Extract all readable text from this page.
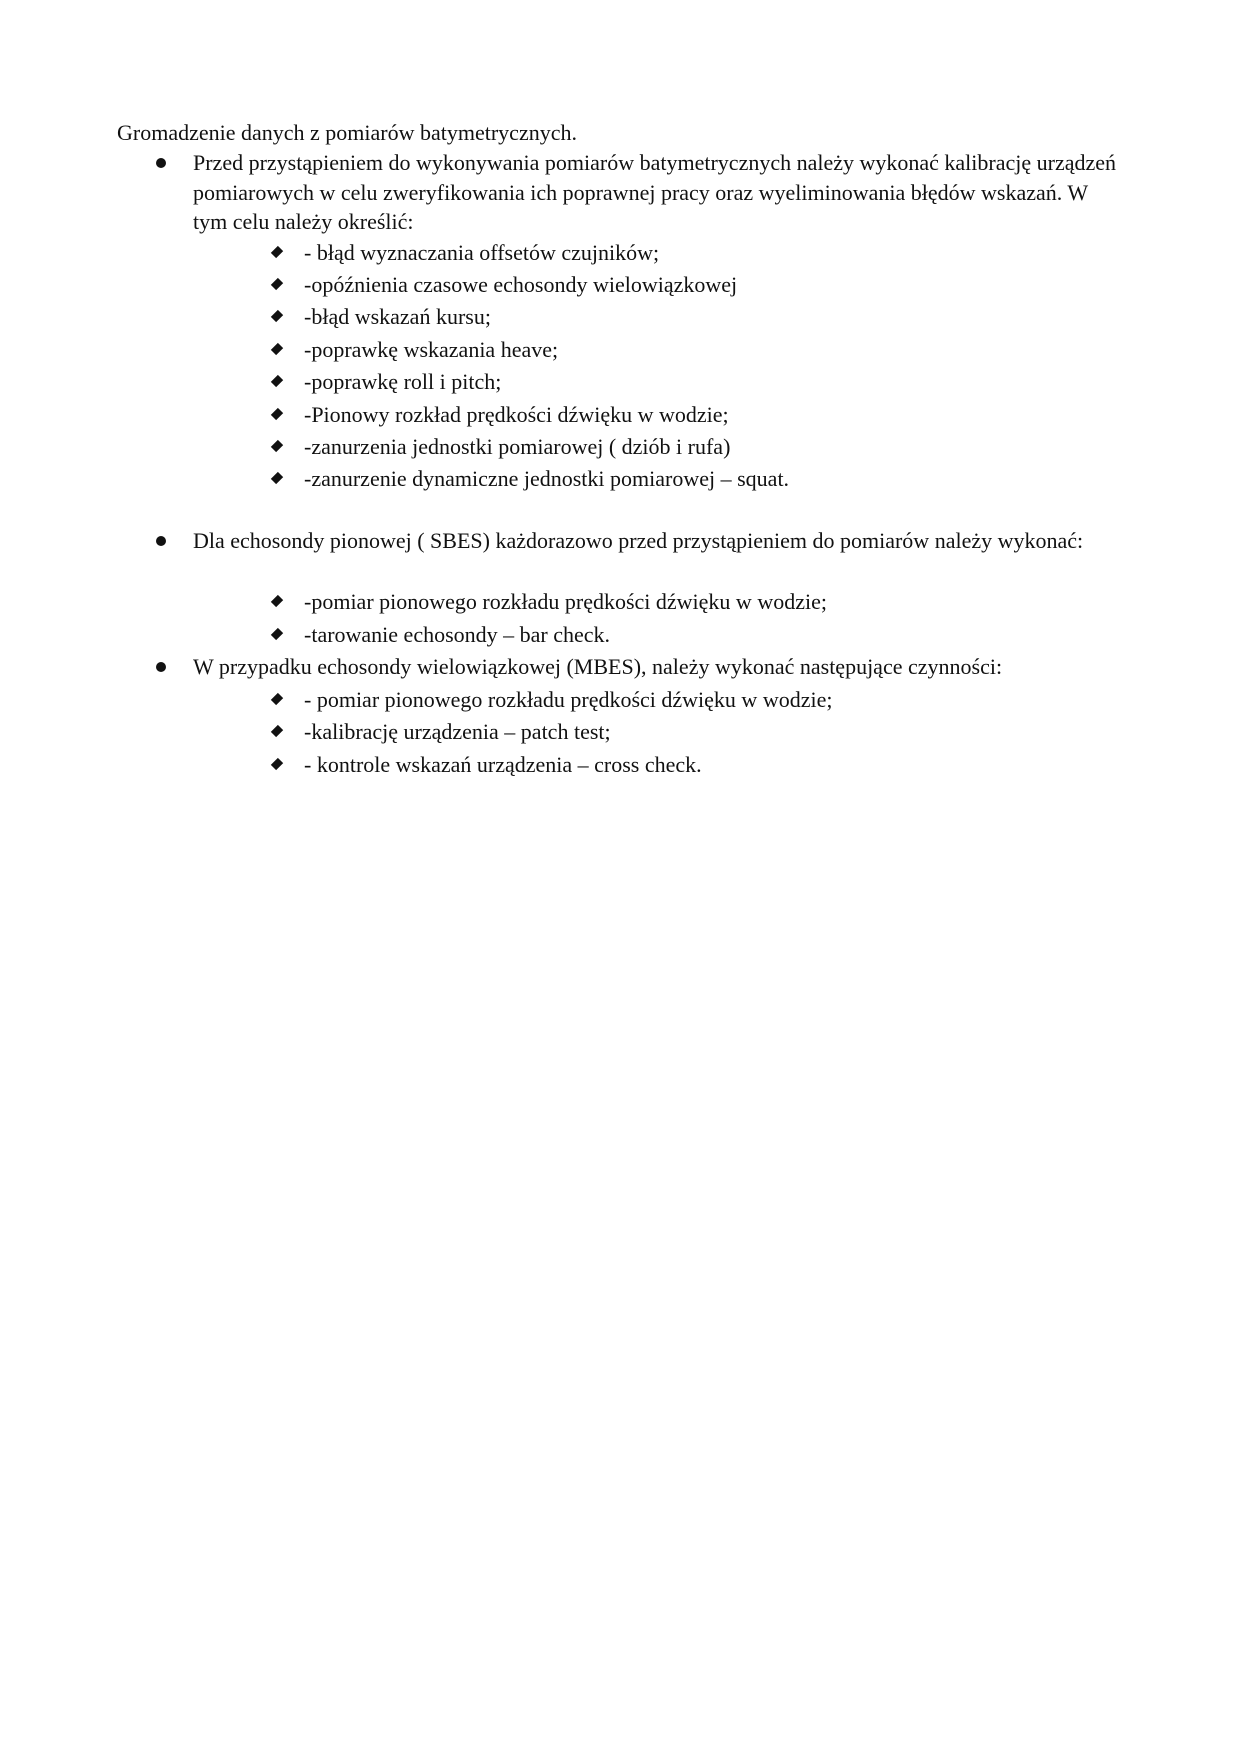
Gromadzenie danych z pomiarów batymetrycznych.
Przed przystąpieniem do wykonywania pomiarów batymetrycznych należy wykonać kalibrację urządzeń pomiarowych w celu zweryfikowania ich poprawnej pracy oraz wyeliminowania błędów wskazań. W tym celu należy określić:
- błąd wyznaczania offsetów czujników;
-opóźnienia czasowe echosondy wielowiązkowej
-błąd wskazań kursu;
-poprawkę wskazania heave;
-poprawkę roll i pitch;
-Pionowy rozkład prędkości dźwięku w wodzie;
-zanurzenia jednostki pomiarowej ( dziób i rufa)
-zanurzenie dynamiczne jednostki pomiarowej – squat.
Dla echosondy pionowej ( SBES) każdorazowo przed przystąpieniem do pomiarów należy wykonać:
-pomiar pionowego rozkładu prędkości dźwięku w wodzie;
-tarowanie echosondy – bar check.
W przypadku echosondy wielowiązkowej (MBES), należy wykonać następujące czynności:
- pomiar pionowego rozkładu prędkości dźwięku w wodzie;
-kalibrację urządzenia – patch test;
- kontrole wskazań urządzenia – cross check.
